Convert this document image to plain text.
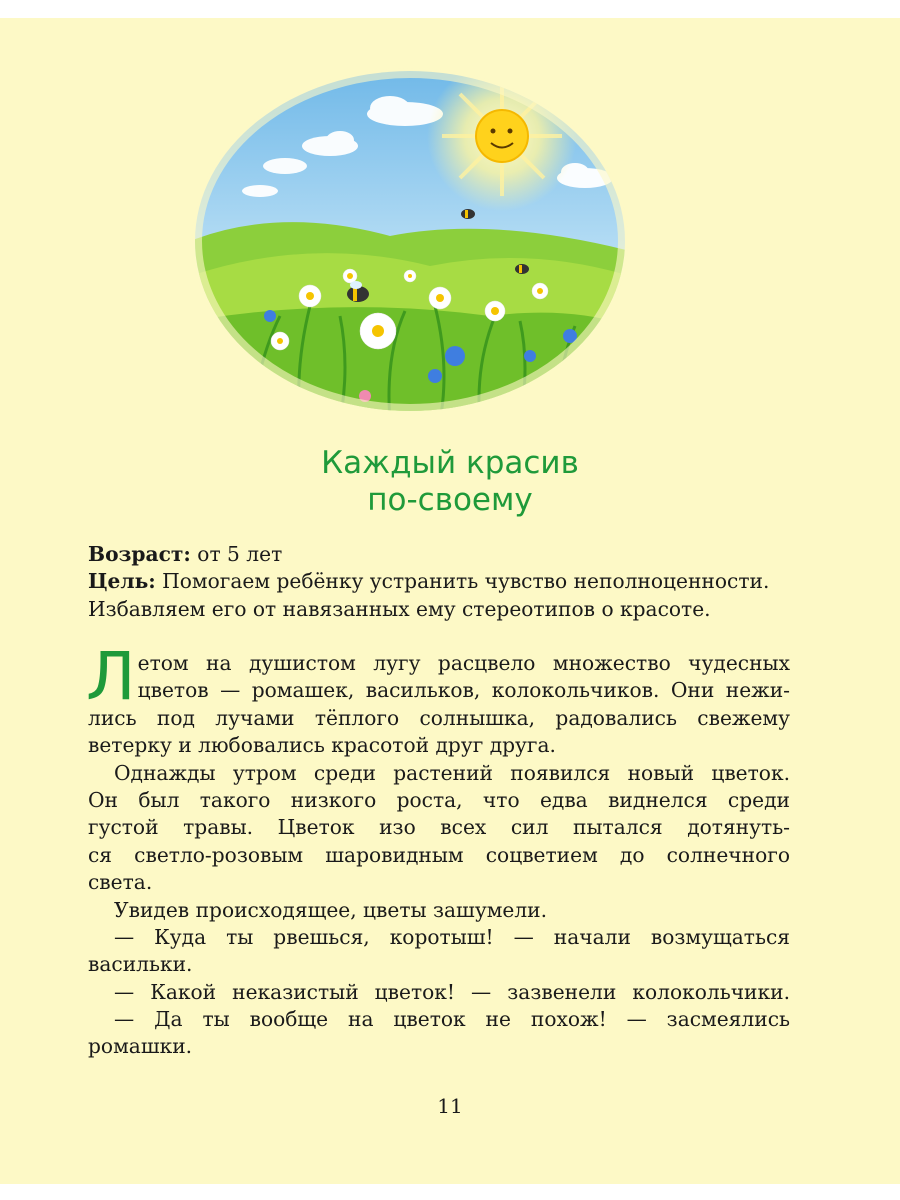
Каждый красив
по-своему
Возраст: от 5 лет
Цель: Помогаем ребёнку устранить чувство неполноценности.
Избавляем его от навязанных ему стереотипов о красоте.
Л етом на душистом лугу расцвело множество чудесных
цветов — ромашек, васильков, колокольчиков. Они нежи-
лись под лучами тёплого солнышка, радовались свежему
ветерку и любовались красотой друг друга.
Однажды утром среди растений появился новый цветок.
Он был такого низкого роста, что едва виднелся среди
густой травы. Цветок изо всех сил пытался дотянуть-
ся светло-розовым шаровидным соцветием до солнечного
света.
Увидев происходящее, цветы зашумели.
— Куда ты рвешься, коротыш! — начали возмущаться
васильки.
— Какой неказистый цветок! — зазвенели колокольчики.
— Да ты вообще на цветок не похож! — засмеялись
ромашки.
11
